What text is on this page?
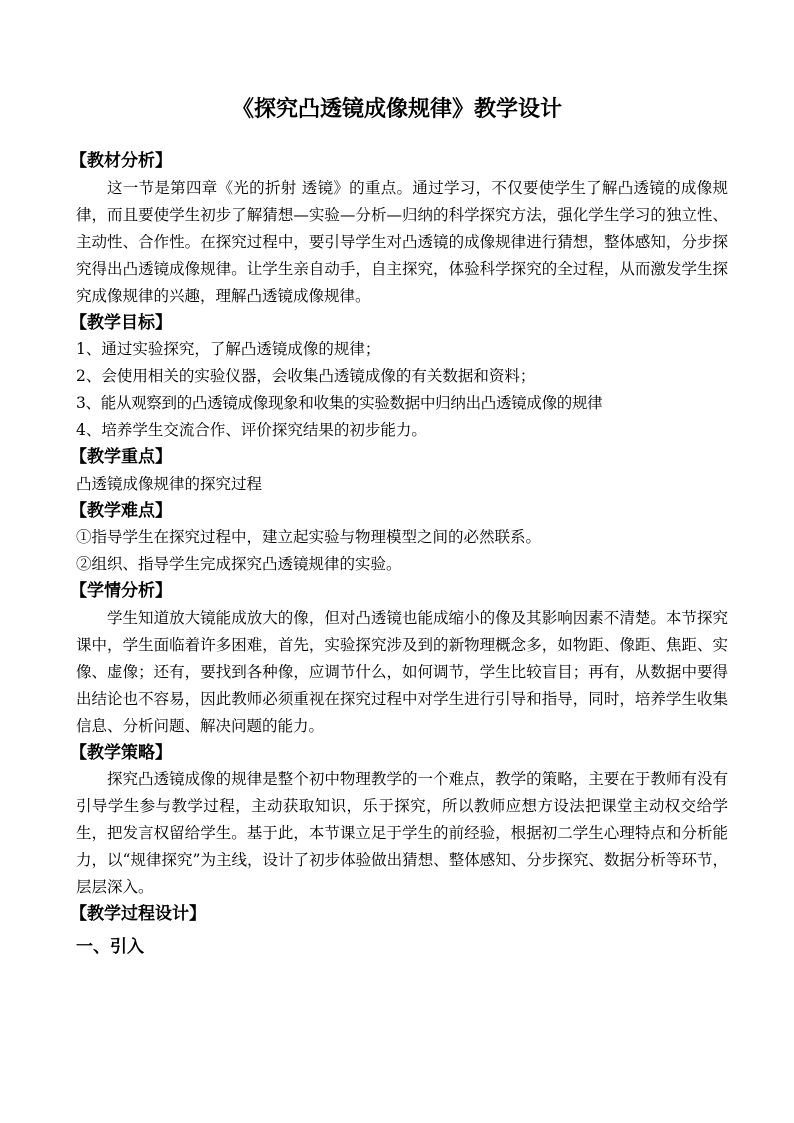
《探究凸透镜成像规律》教学设计
【教材分析】

这一节是第四章《光的折射 透镜》的重点。通过学习，不仅要使学生了解凸透镜的成像规律，而且要使学生初步了解猜想—实验—分析—归纳的科学探究方法，强化学生学习的独立性、主动性、合作性。在探究过程中，要引导学生对凸透镜的成像规律进行猜想，整体感知，分步探究得出凸透镜成像规律。让学生亲自动手，自主探究，体验科学探究的全过程，从而激发学生探究成像规律的兴趣，理解凸透镜成像规律。

【教学目标】
1、通过实验探究，了解凸透镜成像的规律；
2、会使用相关的实验仪器，会收集凸透镜成像的有关数据和资料；
3、能从观察到的凸透镜成像现象和收集的实验数据中归纳出凸透镜成像的规律
4、培养学生交流合作、评价探究结果的初步能力。
【教学重点】
凸透镜成像规律的探究过程
【教学难点】
①指导学生在探究过程中，建立起实验与物理模型之间的必然联系。
②组织、指导学生完成探究凸透镜规律的实验。
【学情分析】

学生知道放大镜能成放大的像，但对凸透镜也能成缩小的像及其影响因素不清楚。本节探究课中，学生面临着许多困难，首先，实验探究涉及到的新物理概念多，如物距、像距、焦距、实像、虚像；还有，要找到各种像，应调节什么，如何调节，学生比较盲目；再有，从数据中要得出结论也不容易，因此教师必须重视在探究过程中对学生进行引导和指导，同时，培养学生收集信息、分析问题、解决问题的能力。

【教学策略】

探究凸透镜成像的规律是整个初中物理教学的一个难点，教学的策略，主要在于教师有没有引导学生参与教学过程，主动获取知识，乐于探究，所以教师应想方设法把课堂主动权交给学生，把发言权留给学生。基于此，本节课立足于学生的前经验，根据初二学生心理特点和分析能力，以“规律探究”为主线，设计了初步体验做出猜想、整体感知、分步探究、数据分析等环节，层层深入。

【教学过程设计】
一、引入
